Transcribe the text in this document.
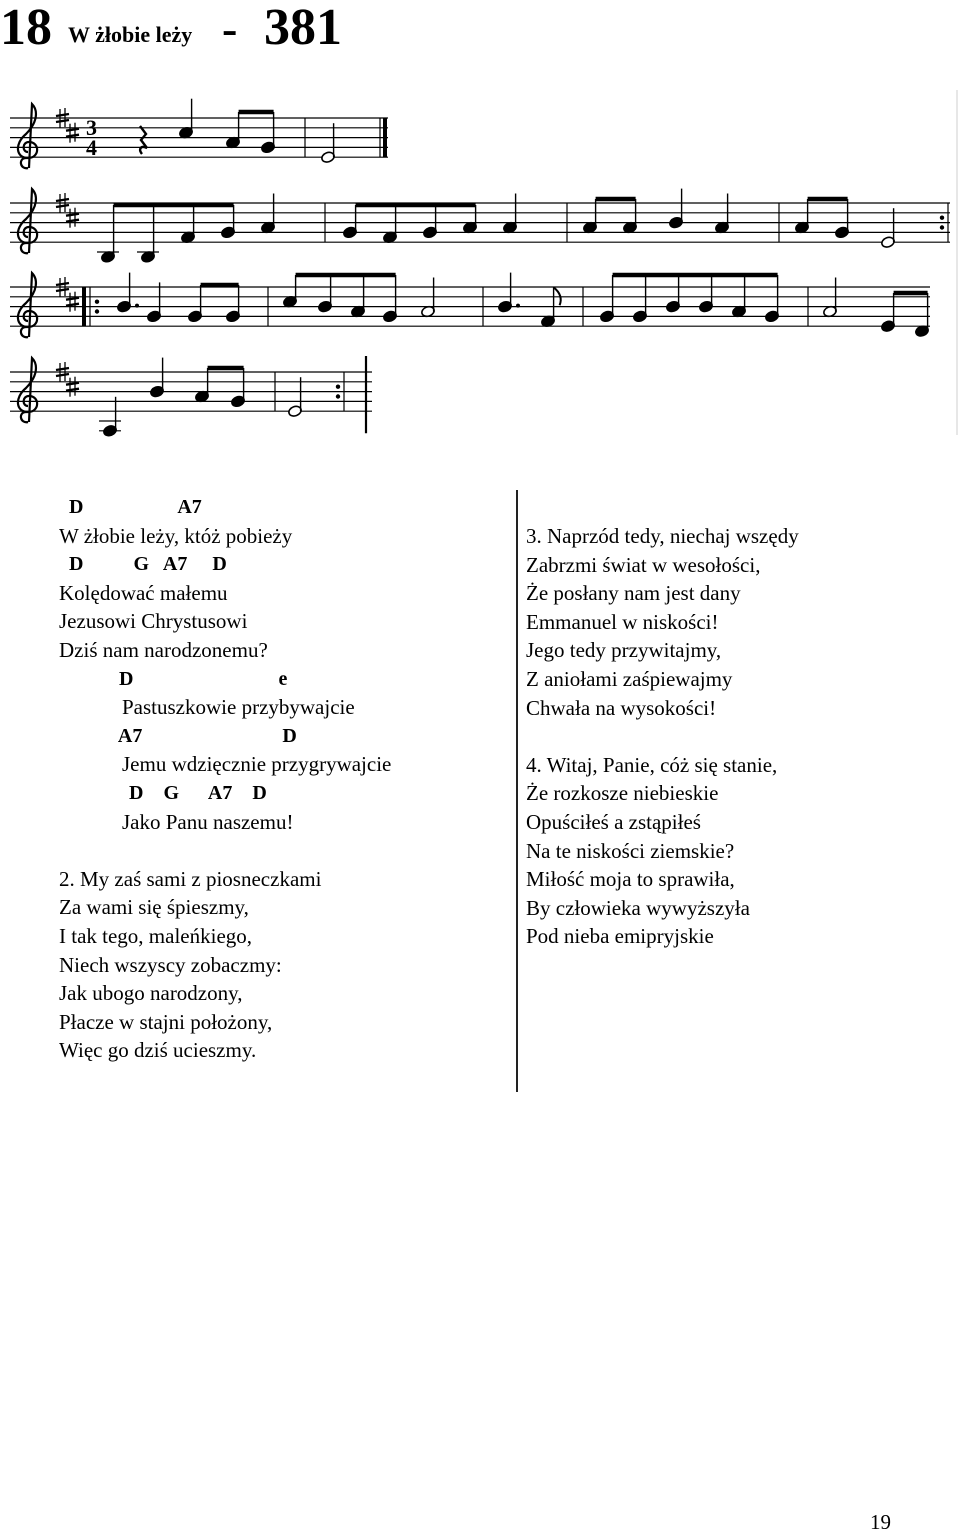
18 W żłobie leży - 381
3
4
D                   A7
W żłobie leży, któż pobieży
D          G   A7     D
Kolędować małemu
Jezusowi Chrystusowi
Dziś nam narodzonemu?
D                             e
Pastuszkowie przybywajcie
A7                            D
Jemu wdzięcznie przygrywajcie
D    G      A7    D
Jako Panu naszemu!
2. My zaś sami z piosneczkami
Za wami się śpieszmy,
I tak tego, maleńkiego,
Niech wszyscy zobaczmy:
Jak ubogo narodzony,
Płacze w stajni położony,
Więc go dziś ucieszmy.
3. Naprzód tedy, niechaj wszędy
Zabrzmi świat w wesołości,
Że posłany nam jest dany
Emmanuel w niskości!
Jego tedy przywitajmy,
Z aniołami zaśpiewajmy
Chwała na wysokości!
4. Witaj, Panie, cóż się stanie,
Że rozkosze niebieskie
Opuściłeś a zstąpiłeś
Na te niskości ziemskie?
Miłość moja to sprawiła,
By człowieka wywyższyła
Pod nieba emipryjskie
19
